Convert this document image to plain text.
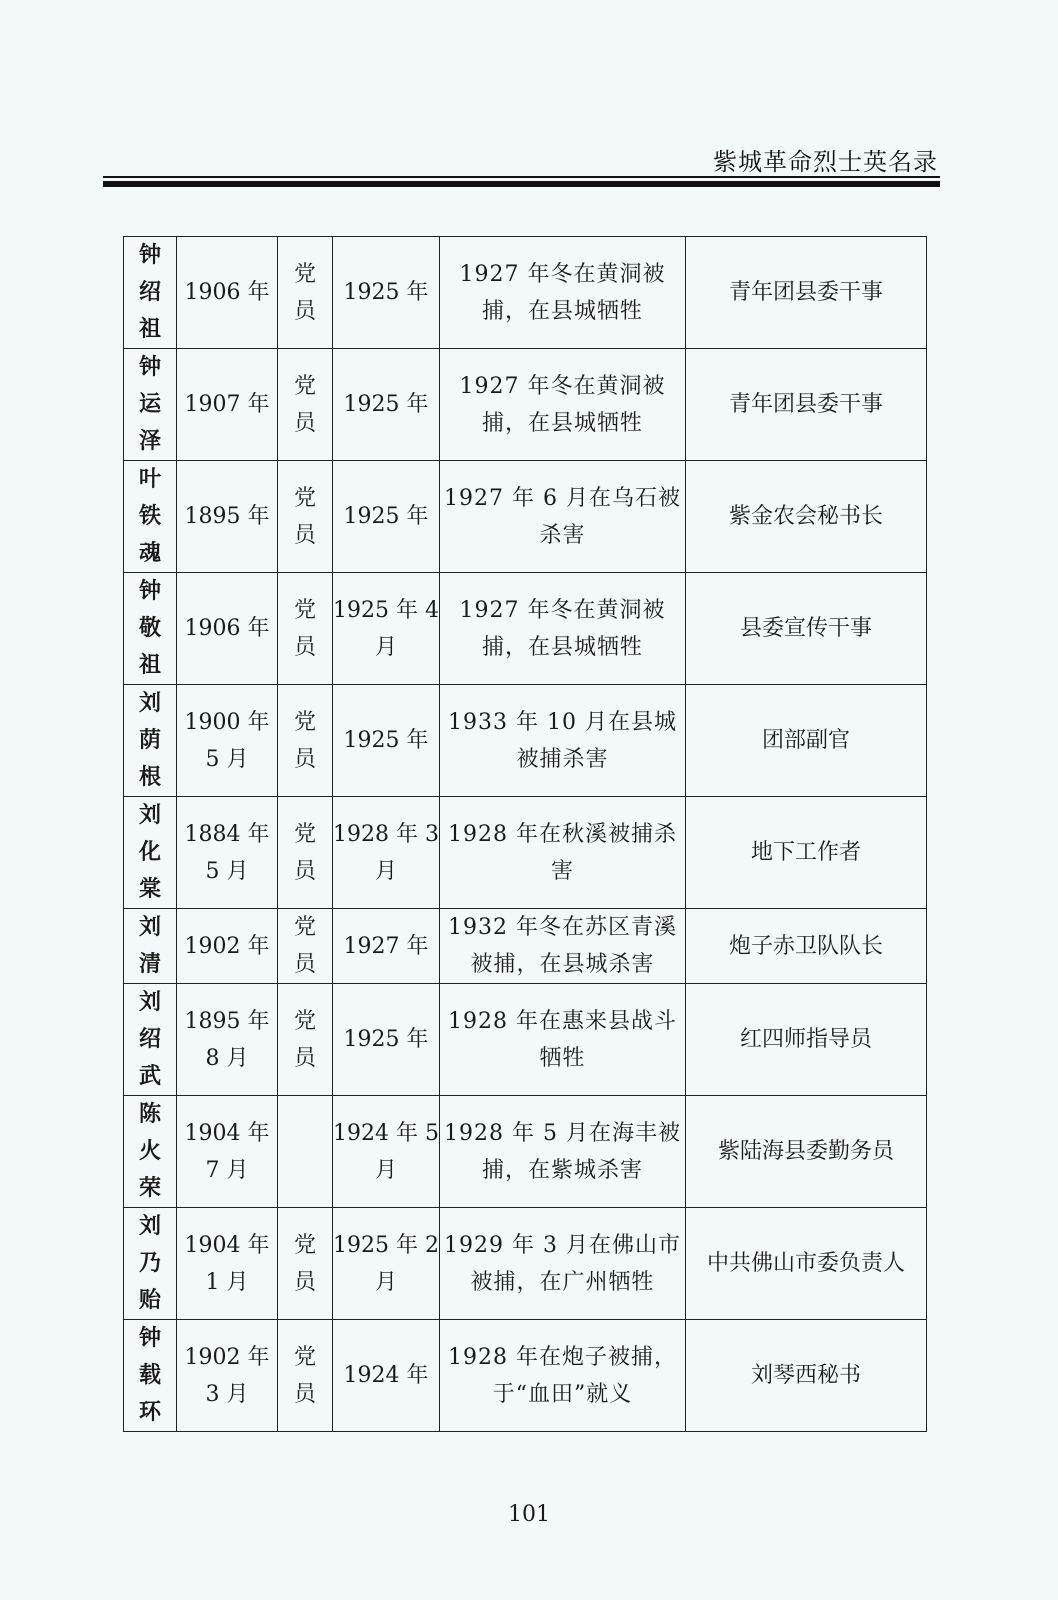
紫城革命烈士英名录
钟绍祖	1906 年	党员	1925 年	1927 年冬在黄洞被捕，在县城牺牲	青年团县委干事

钟运泽	1907 年	党员	1925 年	1927 年冬在黄洞被捕，在县城牺牲	青年团县委干事

叶铁魂	1895 年	党员	1925 年	1927 年 6 月在乌石被杀害	紫金农会秘书长

钟敬祖	1906 年	党员	1925 年 4 月	1927 年冬在黄洞被捕，在县城牺牲	县委宣传干事

刘荫根	1900 年 5 月	党员	1925 年	1933 年 10 月在县城被捕杀害	团部副官

刘化棠	1884 年 5 月	党员	1928 年 3 月	1928 年在秋溪被捕杀害	地下工作者

刘清	1902 年	党员	1927 年	1932 年冬在苏区青溪被捕，在县城杀害	炮子赤卫队队长

刘绍武	1895 年 8 月	党员	1925 年	1928 年在惠来县战斗牺牲	红四师指导员

陈火荣	1904 年 7 月		1924 年 5 月	1928 年 5 月在海丰被捕，在紫城杀害	紫陆海县委勤务员

刘乃贻	1904 年 1 月	党员	1925 年 2 月	1929 年 3 月在佛山市被捕，在广州牺牲	中共佛山市委负责人

钟载环	1902 年 3 月	党员	1924 年	1928 年在炮子被捕，于“血田”就义	刘琴西秘书
101
